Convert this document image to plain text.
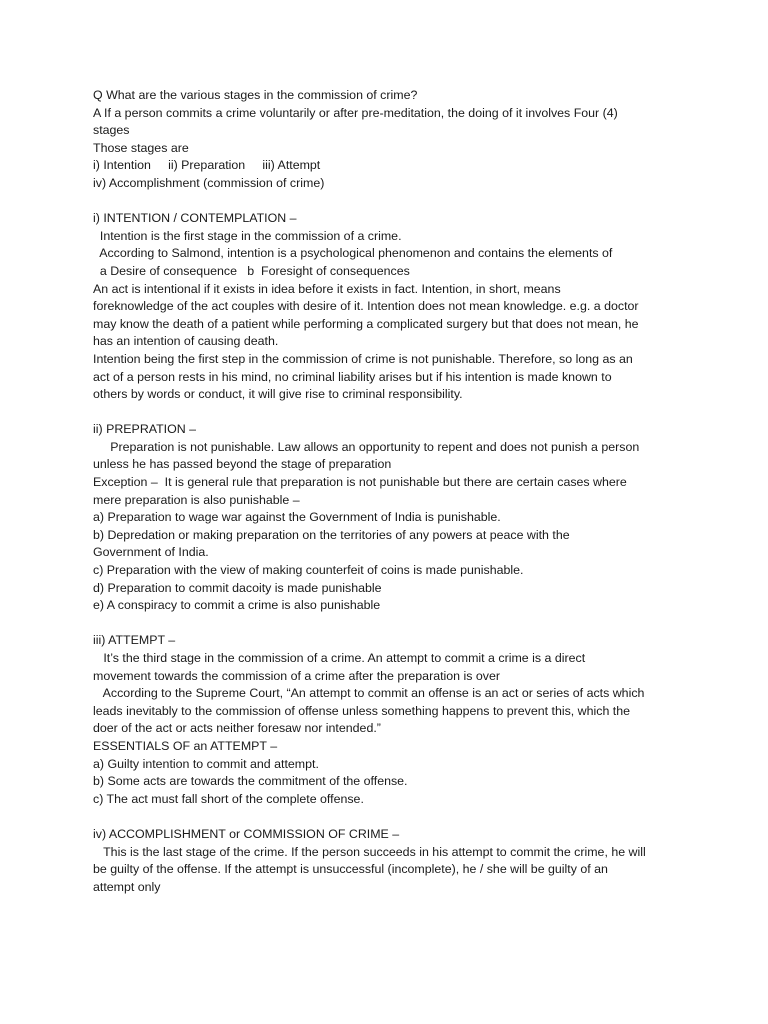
Q What are the various stages in the commission of crime?
A If a person commits a crime voluntarily or after pre-meditation, the doing of it involves Four (4)
stages
Those stages are
i) Intention     ii) Preparation     iii) Attempt
iv) Accomplishment (commission of crime)
i) INTENTION / CONTEMPLATION –
Intention is the first stage in the commission of a crime.
According to Salmond, intention is a psychological phenomenon and contains the elements of
a Desire of consequence   b  Foresight of consequences
An act is intentional if it exists in idea before it exists in fact. Intention, in short, means
foreknowledge of the act couples with desire of it. Intention does not mean knowledge. e.g. a doctor
may know the death of a patient while performing a complicated surgery but that does not mean, he
has an intention of causing death.
Intention being the first step in the commission of crime is not punishable. Therefore, so long as an
act of a person rests in his mind, no criminal liability arises but if his intention is made known to
others by words or conduct, it will give rise to criminal responsibility.
ii) PREPRATION –
Preparation is not punishable. Law allows an opportunity to repent and does not punish a person
unless he has passed beyond the stage of preparation
Exception –  It is general rule that preparation is not punishable but there are certain cases where
mere preparation is also punishable –
a) Preparation to wage war against the Government of India is punishable.
b) Depredation or making preparation on the territories of any powers at peace with the
Government of India.
c) Preparation with the view of making counterfeit of coins is made punishable.
d) Preparation to commit dacoity is made punishable
e) A conspiracy to commit a crime is also punishable
iii) ATTEMPT –
It’s the third stage in the commission of a crime. An attempt to commit a crime is a direct
movement towards the commission of a crime after the preparation is over
According to the Supreme Court, “An attempt to commit an offense is an act or series of acts which
leads inevitably to the commission of offense unless something happens to prevent this, which the
doer of the act or acts neither foresaw nor intended.”
ESSENTIALS OF an ATTEMPT –
a) Guilty intention to commit and attempt.
b) Some acts are towards the commitment of the offense.
c) The act must fall short of the complete offense.
iv) ACCOMPLISHMENT or COMMISSION OF CRIME –
This is the last stage of the crime. If the person succeeds in his attempt to commit the crime, he will
be guilty of the offense. If the attempt is unsuccessful (incomplete), he / she will be guilty of an
attempt only
